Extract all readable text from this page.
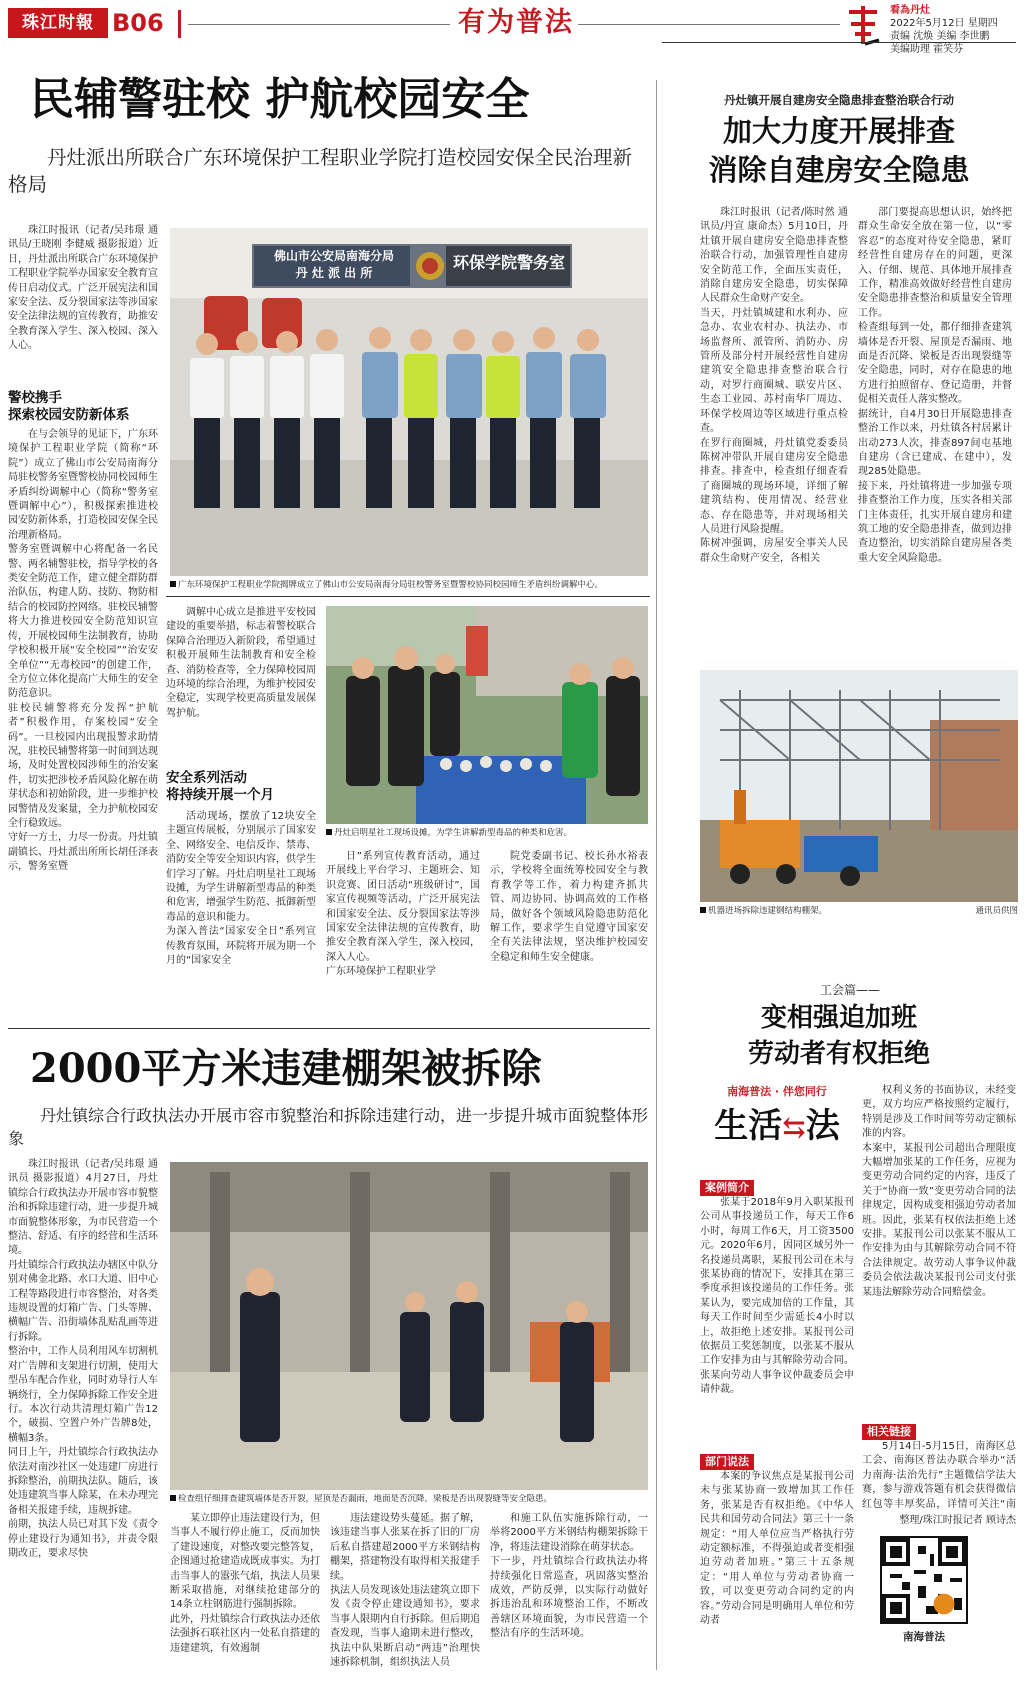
珠江时報 B06	有为普法	看為丹灶
2022年5月12日 星期四
责编 沈焕 美编 李世鹏
美编助理 霍笑芬
民辅警驻校 护航校园安全
丹灶派出所联合广东环境保护工程职业学院打造校园安保全民治理新格局

珠江时报讯（记者/吴玮璟 通讯员/王晓刚 李健威 摄影报道）近日，丹灶派出所联合广东环境保护工程职业学院举办国家安全教育宣传日启动仪式。广泛开展宪法和国家安全法、反分裂国家法等涉国家安全法律法规的宣传教育，助推安全教育深入学生、深入校园、深入人心。

警校携手
探索校园安防新体系

在与会领导的见证下，广东环境保护工程职业学院（简称“环院”）成立了佛山市公安局南海分局驻校警务室暨警校协同校园师生矛盾纠纷调解中心（简称“警务室暨调解中心”），积极探索推进校园安防新体系，打造校园安保全民治理新格局。
警务室暨调解中心将配备一名民警、两名辅警驻校，指导学校的各类安全防范工作，建立健全群防群治队伍，构建人防、技防、物防相结合的校园防控网络。驻校民辅警将大力推进校园安全防范知识宣传，开展校园师生法制教育，协助学校积极开展“安全校园”“治安安全单位”“无毒校园”的创建工作，全方位立体化提高广大师生的安全防范意识。
驻校民辅警将充分发挥“护航者”积极作用，存案校园“安全码”。一旦校园内出现报警求助情况，驻校民辅警将第一时间到达现场，及时处置校园涉师生的治安案件，切实把涉校矛盾风险化解在萌芽状态和初始阶段，进一步维护校园警情及发案量，全力护航校园安全行稳致远。
守好一方土，力尽一份责。丹灶镇副镇长、丹灶派出所所长胡任泽表示，警务室暨

佛山市公安局南海分局
丹 灶 派 出 所
环保学院警务室
广东环境保护工程职业学院揭牌成立了佛山市公安局南海分局驻校警务室暨警校协同校园师生矛盾纠纷调解中心。

调解中心成立是推进平安校园建设的重要举措，标志着警校联合保障合治理迈入新阶段，希望通过积极开展师生法制教育和安全检查、消防检查等，全力保障校园周边环境的综合治理，为维护校园安全稳定，实现学校更高质量发展保驾护航。

安全系列活动
将持续开展一个月

活动现场，摆放了12块安全主题宣传展板，分别展示了国家安全、网络安全、电信反诈、禁毒、消防安全等安全知识内容，供学生们学习了解。丹灶启明星社工现场设摊，为学生讲解新型毒品的种类和危害，增强学生防范、抵御新型毒品的意识和能力。
为深入普法“国家安全日”系列宣传教育氛围，环院将开展为期一个月的“国家安全

丹灶启明星社工现场设摊，为学生讲解新型毒品的种类和危害。

日”系列宣传教育活动，通过开展线上平台学习、主题班会、知识竞赛、团日活动“班级研讨”，国家宣传视频等活动，广泛开展宪法和国家安全法、反分裂国家法等涉国家安全法律法规的宣传教育，助推安全教育深入学生，深入校园，深入人心。
广东环境保护工程职业学

院党委副书记、校长孙水裕表示，学校将全面统筹校园安全与教育教学等工作，着力构建齐抓共管、周边协同、协调高效的工作格局，做好各个领域风险隐患防范化解工作，要求学生自觉遵守国家安全有关法律法规，坚决维护校园安全稳定和师生安全健康。

丹灶镇开展自建房安全隐患排查整治联合行动
加大力度开展排查
消除自建房安全隐患

珠江时报讯（记者/陈时然 通讯员/丹宣 康命杰）5月10日，丹灶镇开展自建房安全隐患排查整治联合行动，加强管理性自建房安全防范工作，全面压实责任，消除自建房安全隐患，切实保障人民群众生命财产安全。
当天，丹灶镇城建和水利办、应急办、农业农村办、执法办、市场监督所、派管所、消防办、房管所及部分村开展经营性自建房建筑安全隐患排查整治联合行动，对罗行商圈城、联安片区、生态工业园、苏村南华厂周边、环保学校周边等区域进行重点检查。
在罗行商圈城，丹灶镇党委委员陈树冲带队开展自建房安全隐患排查。排查中，检查组仔细查看了商圈城的现场环境，详细了解建筑结构、使用情况、经营业态、存在隐患等，并对现场相关人员进行风险提醒。
陈树冲强调，房屋安全事关人民群众生命财产安全，各相关

部门要提高思想认识，始终把群众生命安全放在第一位，以“零容忍”的态度对待安全隐患，紧盯经营性自建房存在的问题，更深入、仔细、规范、具体地开展排查工作，精准高效做好经营性自建房安全隐患排查整治和质量安全管理工作。
检查组每到一处，都仔细排查建筑墙体是否开裂、屋顶是否漏雨、地面是否沉降、梁板是否出现裂缝等安全隐患，同时，对存在隐患的地方进行拍照留存、登记造册，并督促相关责任人落实整改。
据统计，自4月30日开展隐患排查整治工作以来，丹灶镇各村居累计出动273人次，排查897间屯基地自建房（含已建成、在建中），发现285处隐患。
接下来，丹灶镇将进一步加强专项排查整治工作力度，压实各相关部门主体责任，扎实开展自建房和建筑工地的安全隐患排查，做到边排查边整治，切实消除自建房屋各类重大安全风险隐患。

机器进场拆除违建钢结构棚架。	通讯员供图
2000平方米违建棚架被拆除
丹灶镇综合行政执法办开展市容市貌整治和拆除违建行动，进一步提升城市面貌整体形象

珠江时报讯（记者/吴玮璟 通讯员 摄影报道）4月27日，丹灶镇综合行政执法办开展市容市貌整治和拆除违建行动，进一步提升城市面貌整体形象，为市民营造一个整洁、舒适、有序的经营和生活环境。
丹灶镇综合行政执法办辖区中队分别对佛金北路、水口大道、旧中心工程等路段进行市容整治，对各类违规设置的灯箱广告、门头等牌、横幅广告、沿街墙体乱贴乱画等进行拆除。
整治中，工作人员利用风车切割机对广告牌和支架进行切割，使用大型吊车配合作业，同时劝导行人车辆绕行，全力保障拆除工作安全进行。本次行动共清理灯箱广告12个，破损、空置户外广告牌8处，横幅3条。
同日上午，丹灶镇综合行政执法办依法对南沙社区一处违建厂房进行拆除整治，前期执法队。随后，该处违建筑当事人除某，在未办理完备相关报建手续，违规拆建。
前期，执法人员已对其下发《责令停止建设行为通知书》，并责令限期改正，要求尽快

检查组仔细排查建筑墙体是否开裂，屋顶是否漏雨，地面是否沉降，梁板是否出现裂缝等安全隐患。

某立即停止违法建设行为，但当事人不履行停止施工，反而加快了建设速度，对整改要完整答复，企图通过抢建造成既成事实。为打击当事人的嚣张气焰，执法人员果断采取措施，对继续抢建部分的14条立柱钢筋进行强制拆除。
此外，丹灶镇综合行政执法办还依法强拆石联社区内一处私自搭建的违建建筑，有效遏制

违法建设势头蔓延。据了解，该违建当事人张某在拆了旧的厂房后私自搭建超2000平方米钢结构棚架，搭建物没有取得相关报建手续。
执法人员发现该处违法建筑立即下发《责令停止建设通知书》，要求当事人限期内自行拆除。但后期追查发现，当事人逾期未进行整改，执法中队果断启动“两违”治理快速拆除机制，组织执法人员

和施工队伍实施拆除行动，一举将2000平方米钢结构棚架拆除干净，将违法建设消除在萌芽状态。
下一步，丹灶镇综合行政执法办将持续强化日常巡查，巩固落实整治成效，严防反弹，以实际行动做好拆违治乱和环境整治工作，不断改善辖区环境面貌，为市民营造一个整洁有序的生活环境。

工会篇——
变相强迫加班
劳动者有权拒绝
南海普法 · 伴您同行
生活⇆法
案例简介

张某于2018年9月入职某报刊公司从事投递员工作，每天工作6小时，每周工作6天，月工资3500元。2020年6月，因同区域另外一名投递员离职，某报刊公司在未与张某协商的情况下，安排其在第三季度承担该投递员的工作任务。张某认为，要完成加倍的工作量，其每天工作时间至少需延长4小时以上，故拒绝上述安排。某报刊公司依据员工奖惩制度，以张某不服从工作安排为由与其解除劳动合同。张某向劳动人事争议仲裁委员会申请仲裁。

部门说法

本案的争议焦点是某报刊公司未与张某协商一致增加其工作任务，张某是否有权拒绝。《中华人民共和国劳动合同法》第三十一条规定：“用人单位应当严格执行劳动定额标准，不得强迫或者变相强迫劳动者加班。”第三十五条规定：“用人单位与劳动者协商一致，可以变更劳动合同约定的内容。”劳动合同是明确用人单位和劳动者

权利义务的书面协议，未经变更，双方均应严格按照约定履行，特别是涉及工作时间等劳动定额标准的内容。
本案中，某报刊公司超出合理限度大幅增加张某的工作任务，应视为变更劳动合同约定的内容，违反了关于“协商一致”变更劳动合同的法律规定，因构成变相强迫劳动者加班。因此，张某有权依法拒绝上述安排。某报刊公司以张某不服从工作安排为由与其解除劳动合同不符合法律规定。故劳动人事争议仲裁委员会依法裁决某报刊公司支付张某违法解除劳动合同赔偿金。

相关链接

5月14日-5月15日，南海区总工会、南海区普法办联合举办“活力南海·法治先行”主题微信学法大赛，参与游戏答题有机会获得微信红包等丰厚奖品，详情可关注“南

整理/珠江时报记者 顾诗杰
南海普法
